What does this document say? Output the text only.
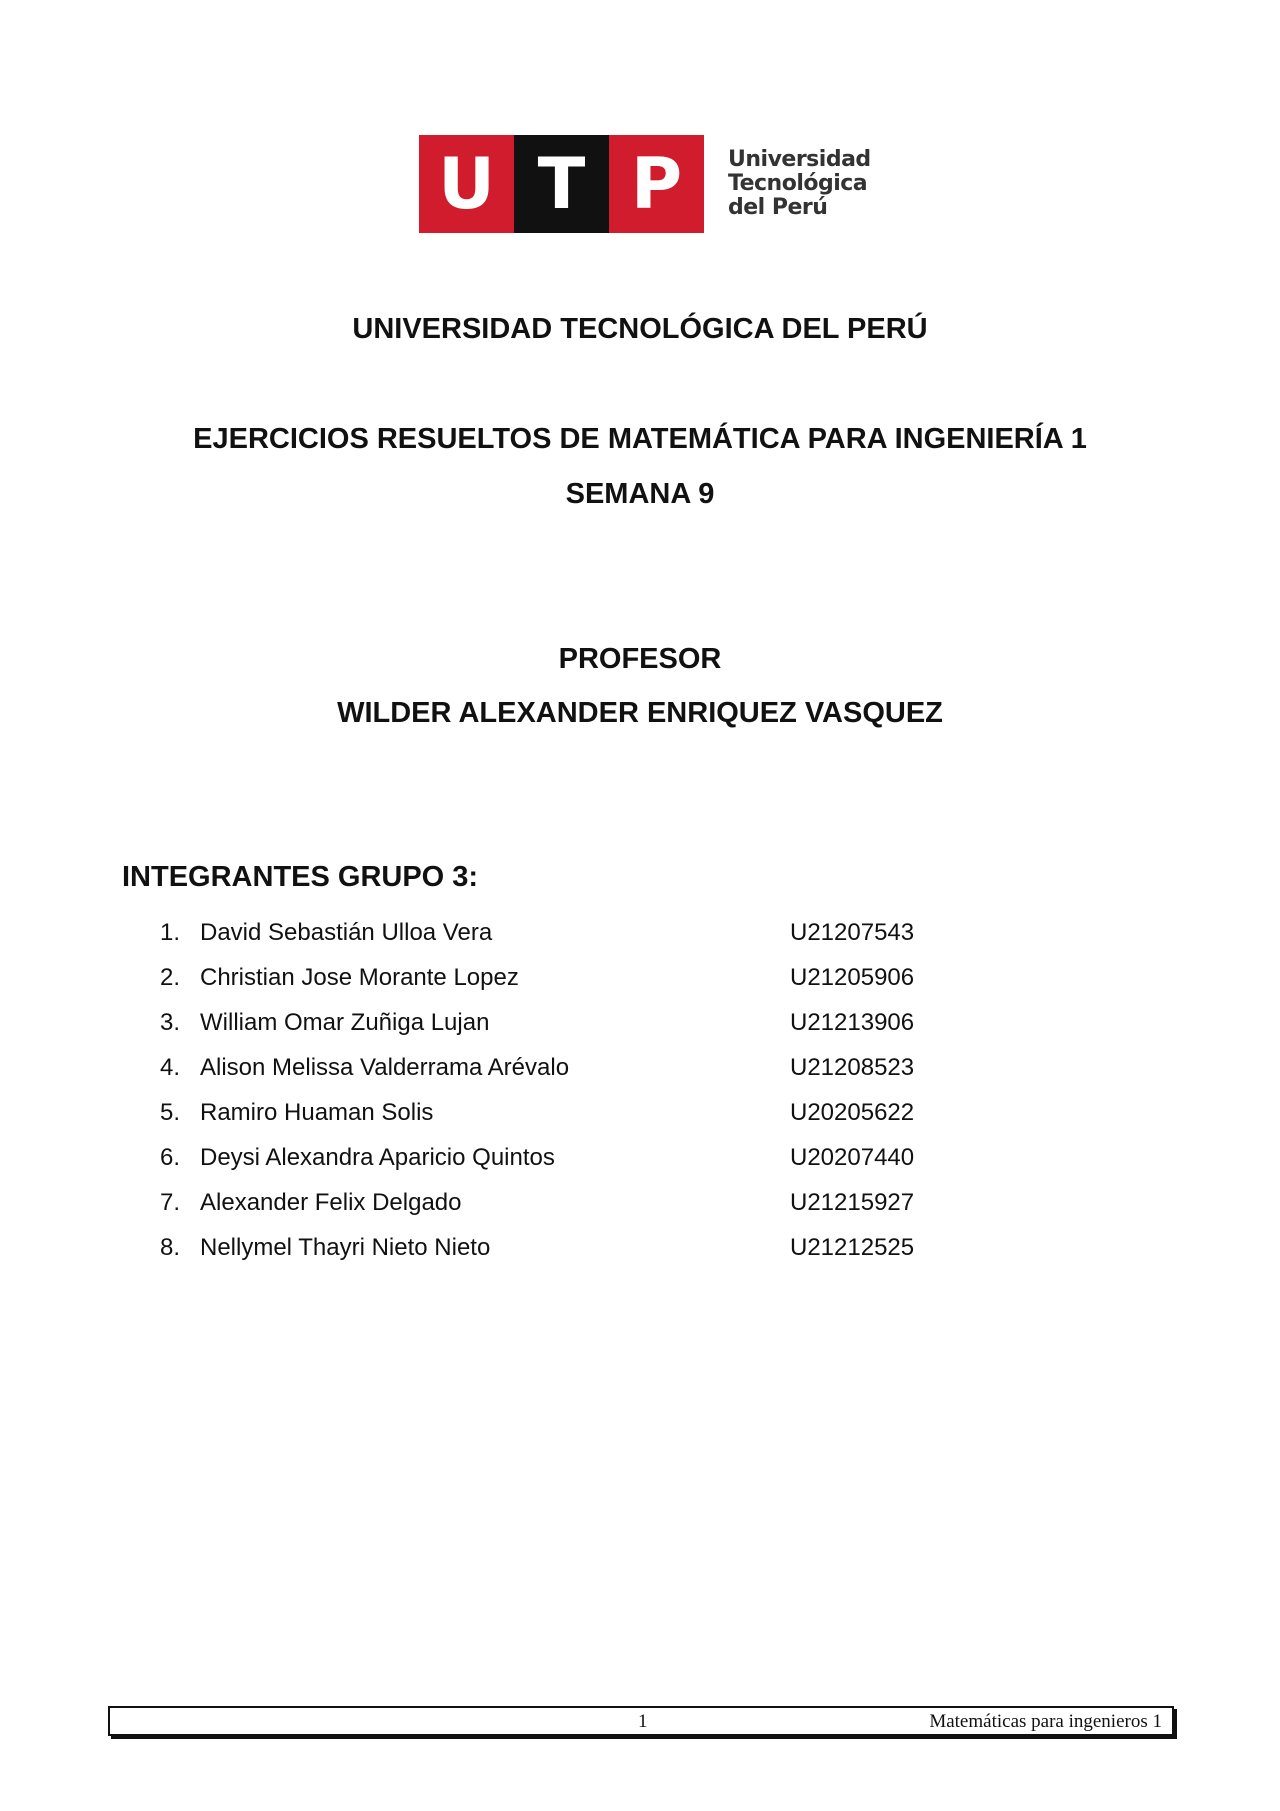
U T P	Universidad
Tecnológica
del Perú
UNIVERSIDAD TECNOLÓGICA DEL PERÚ
EJERCICIOS RESUELTOS DE MATEMÁTICA PARA INGENIERÍA 1
SEMANA 9
PROFESOR
WILDER ALEXANDER ENRIQUEZ VASQUEZ
INTEGRANTES GRUPO 3:
1. David Sebastián Ulloa Vera	U21207543
2. Christian Jose Morante Lopez	U21205906
3. William Omar Zuñiga Lujan	U21213906
4. Alison Melissa Valderrama Arévalo	U21208523
5. Ramiro Huaman Solis	U20205622
6. Deysi Alexandra Aparicio Quintos	U20207440
7. Alexander Felix Delgado	U21215927
8. Nellymel Thayri Nieto Nieto	U21212525
1	Matemáticas para ingenieros 1
